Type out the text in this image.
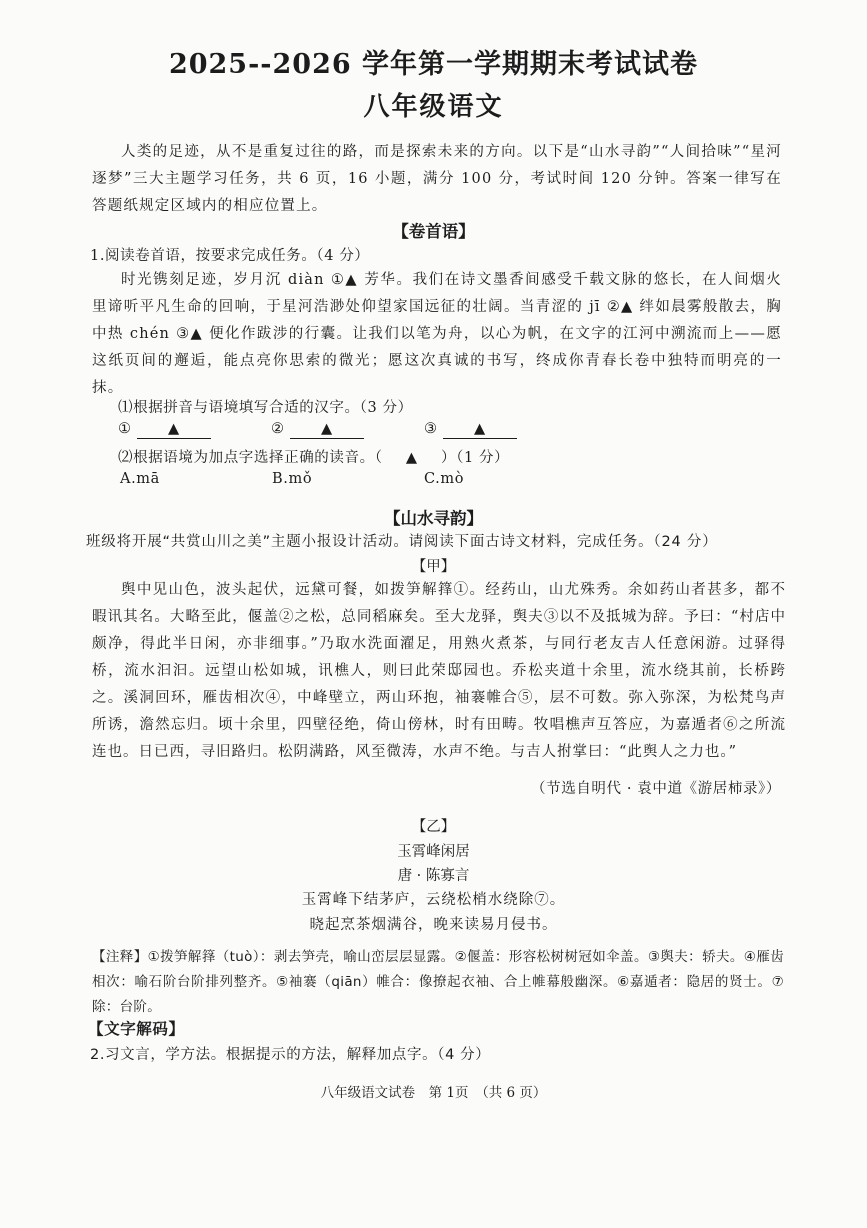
2025--2026 学年第一学期期末考试试卷
八年级语文
人类的足迹，从不是重复过往的路，而是探索未来的方向。以下是“山水寻韵”“人间拾味”“星河逐梦”三大主题学习任务，共 6 页，16 小题，满分 100 分，考试时间 120 分钟。答案一律写在答题纸规定区域内的相应位置上。
【卷首语】
1.阅读卷首语，按要求完成任务。（4 分）
时光镌刻足迹，岁月沉 diàn ①▲ 芳华。我们在诗文墨香间感受千载文脉的悠长，在人间烟火里谛听平凡生命的回响，于星河浩渺处仰望家国远征的壮阔。当青涩的 jī ②▲ 绊如晨雾般散去，胸中热 chén ③▲ 便化作跋涉的行囊。让我们以笔为舟，以心为帆，在文字的江河中溯流而上——愿这纸页间的邂逅，能点亮你思索的微光；愿这次真诚的书写，终成你青春长卷中独特而明亮的一抹。
⑴根据拼音与语境填写合适的汉字。（3 分）
①	▲	②	▲	③	▲
⑵根据语境为加点字选择正确的读音。（ ▲ ）（1 分）
A.mā	B.mǒ	C.mò
【山水寻韵】
班级将开展“共赏山川之美”主题小报设计活动。请阅读下面古诗文材料，完成任务。（24 分）
【甲】
舆中见山色，波头起伏，远黛可餐，如拨笋解箨①。经药山，山尤殊秀。余如药山者甚多，都不暇讯其名。大略至此，偃盖②之松，总同稻麻矣。至大龙驿，舆夫③以不及抵城为辞。予曰：“村店中颇净，得此半日闲，亦非细事。”乃取水洗面濯足，用熟火煮茶，与同行老友吉人任意闲游。过驿得桥，流水汩汩。远望山松如城，讯樵人，则曰此荣邸园也。乔松夹道十余里，流水绕其前，长桥跨之。溪洞回环，雁齿相次④，中峰壁立，两山环抱，袖褰帷合⑤，层不可数。弥入弥深，为松梵鸟声所诱，澹然忘归。顷十余里，四壁径绝，倚山傍林，时有田畴。牧唱樵声互答应，为嘉遁者⑥之所流连也。日已西，寻旧路归。松阴满路，风至微涛，水声不绝。与吉人拊掌曰：“此舆人之力也。”
（节选自明代 · 袁中道《游居柿录》）
【乙】
玉霄峰闲居
唐 · 陈寡言
玉霄峰下结茅庐，云绕松梢水绕除⑦。
晓起烹茶烟满谷，晚来读易月侵书。
【注释】①拨笋解箨（tuò）：剥去笋壳，喻山峦层层显露。②偃盖：形容松树树冠如伞盖。③舆夫：轿夫。④雁齿相次：喻石阶台阶排列整齐。⑤袖褰（qiān）帷合：像撩起衣袖、合上帷幕般幽深。⑥嘉遁者：隐居的贤士。⑦除：台阶。
【文字解码】
2.习文言，学方法。根据提示的方法，解释加点字。（4 分）
八年级语文试卷　第 1页　（共 6 页）
